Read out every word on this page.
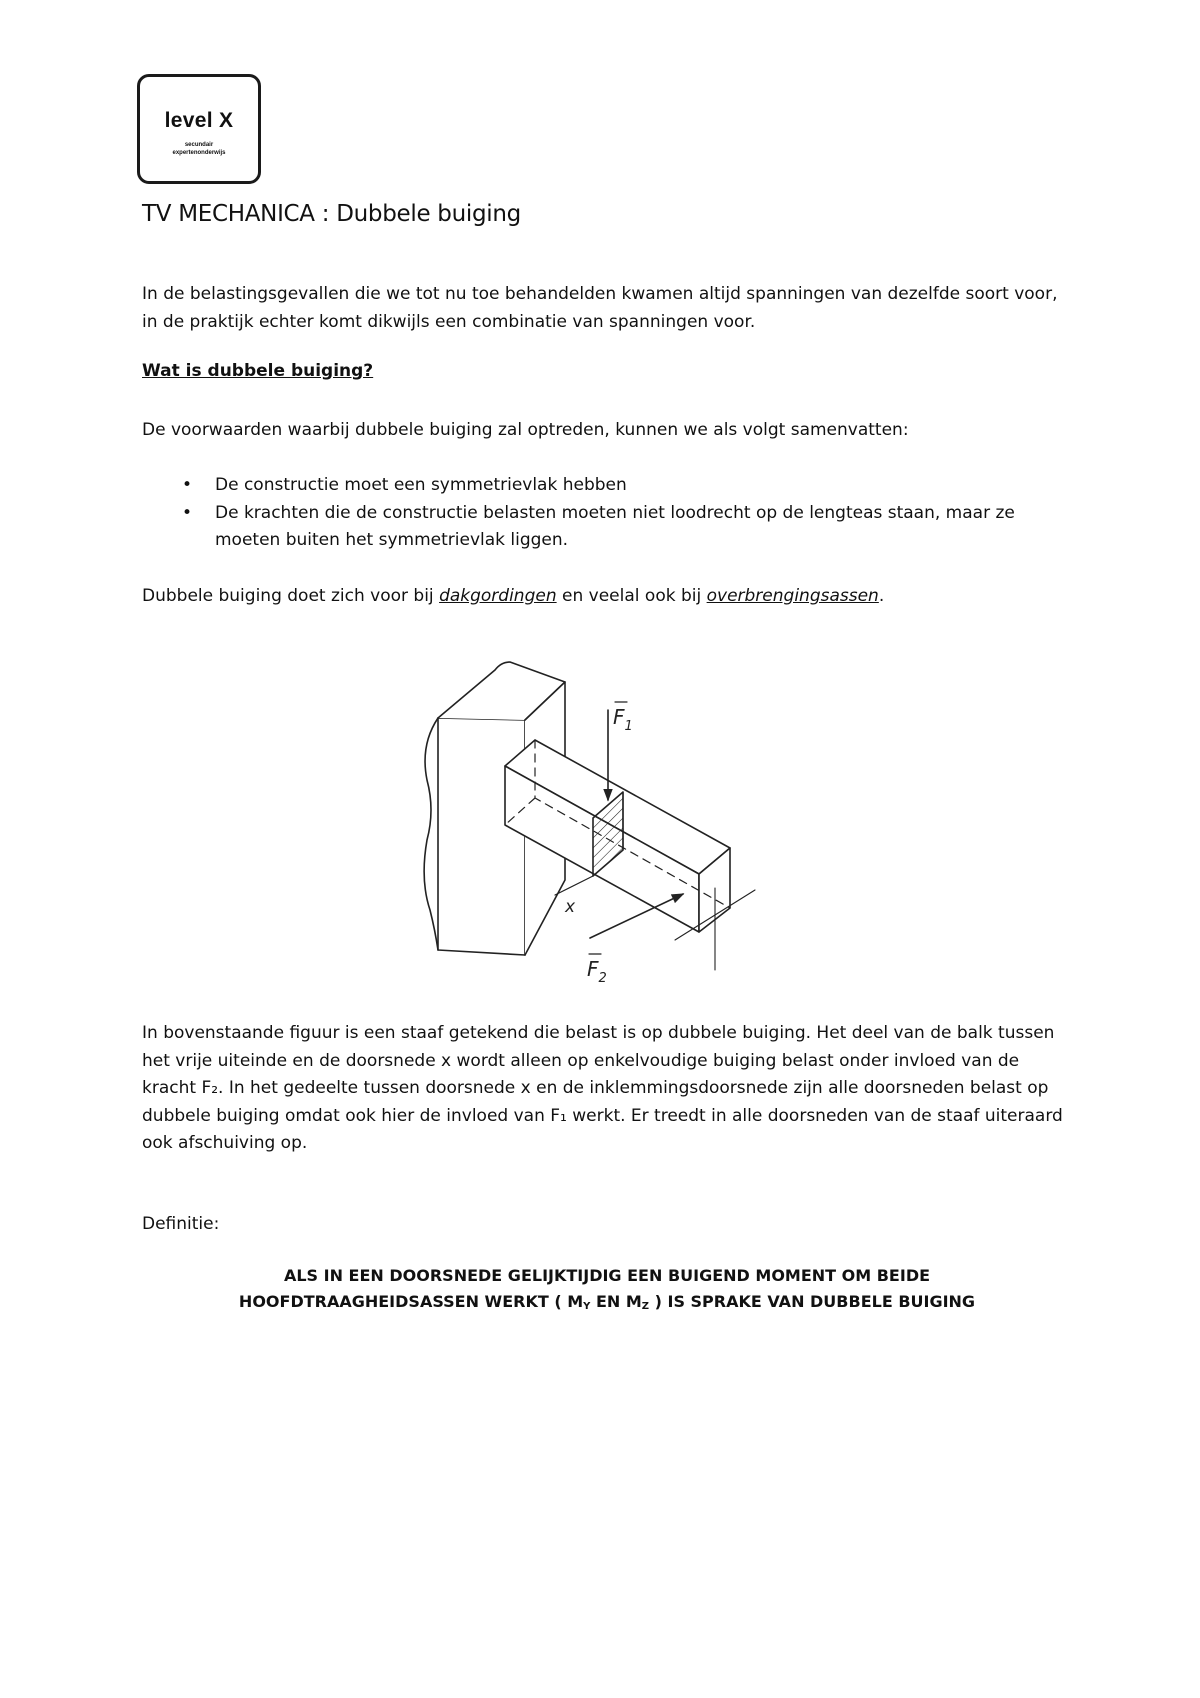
level X
secundair
expertenonderwijs
TV MECHANICA : Dubbele buiging

In de belastingsgevallen die we tot nu toe behandelden kwamen altijd spanningen van dezelfde soort voor, in de praktijk echter komt dikwijls een combinatie van spanningen voor.

Wat is dubbele buiging?

De voorwaarden waarbij dubbele buiging zal optreden, kunnen we als volgt samenvatten:

• De constructie moet een symmetrievlak hebben
• De krachten die de constructie belasten moeten niet loodrecht op de lengteas staan, maar ze moeten buiten het symmetrievlak liggen.

Dubbele buiging doet zich voor bij dakgordingen en veelal ook bij overbrengingsassen.

$F_1$
$F_2$
x

In bovenstaande figuur is een staaf getekend die belast is op dubbele buiging. Het deel van de balk tussen het vrije uiteinde en de doorsnede x wordt alleen op enkelvoudige buiging belast onder invloed van de kracht F₂. In het gedeelte tussen doorsnede x en de inklemmingsdoorsnede zijn alle doorsneden belast op dubbele buiging omdat ook hier de invloed van F₁ werkt. Er treedt in alle doorsneden van de staaf uiteraard ook afschuiving op.

Definitie:

ALS IN EEN DOORSNEDE GELIJKTIJDIG EEN BUIGEND MOMENT OM BEIDE
HOOFDTRAAGHEIDSASSEN WERKT ( $M_Y$ EN $M_Z$ ) IS SPRAKE VAN DUBBELE BUIGING
